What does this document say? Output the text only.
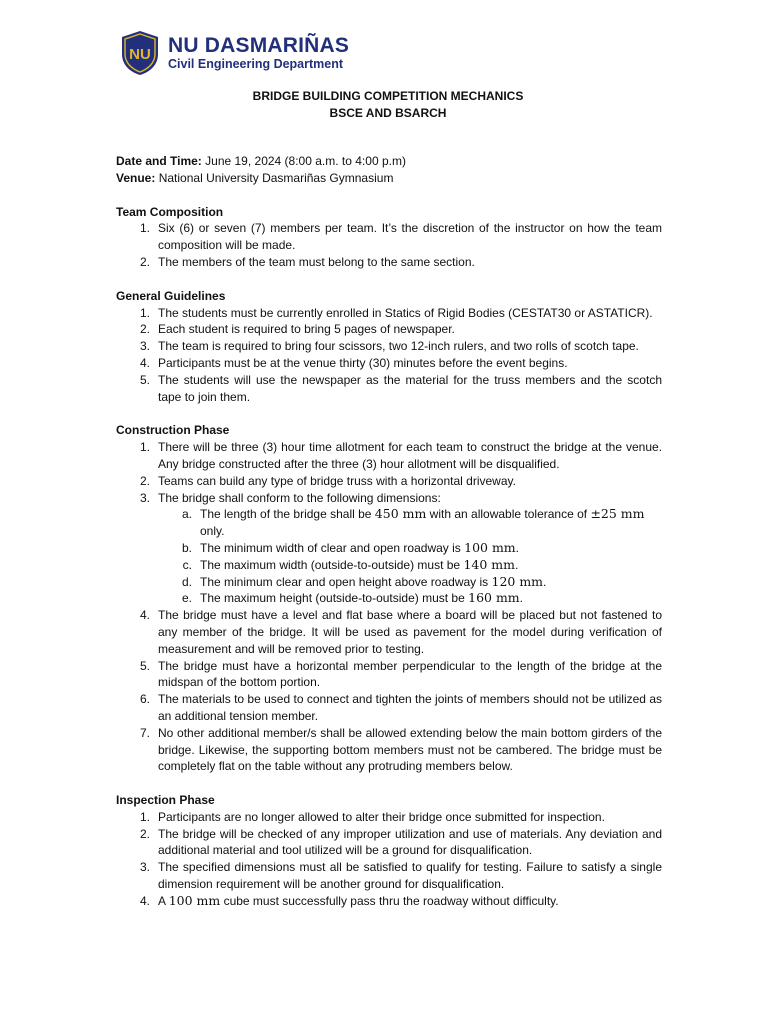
NU NU DASMARIÑAS
Civil Engineering Department
BRIDGE BUILDING COMPETITION MECHANICS
BSCE AND BSARCH

Date and Time: June 19, 2024 (8:00 a.m. to 4:00 p.m)

Venue: National University Dasmariñas Gymnasium

Team Composition

1. Six (6) or seven (7) members per team. It’s the discretion of the instructor on how the team composition will be made.
2. The members of the team must belong to the same section.

General Guidelines

1. The students must be currently enrolled in Statics of Rigid Bodies (CESTAT30 or ASTATICR).
2. Each student is required to bring 5 pages of newspaper.
3. The team is required to bring four scissors, two 12-inch rulers, and two rolls of scotch tape.
4. Participants must be at the venue thirty (30) minutes before the event begins.
5. The students will use the newspaper as the material for the truss members and the scotch tape to join them.

Construction Phase

1. There will be three (3) hour time allotment for each team to construct the bridge at the venue. Any bridge constructed after the three (3) hour allotment will be disqualified.
2. Teams can build any type of bridge truss with a horizontal driveway.
3. The bridge shall conform to the following dimensions:
a. The length of the bridge shall be 450 mm with an allowable tolerance of ±25 mm only.
b. The minimum width of clear and open roadway is 100 mm.
c. The maximum width (outside-to-outside) must be 140 mm.
d. The minimum clear and open height above roadway is 120 mm.
e. The maximum height (outside-to-outside) must be 160 mm.
4. The bridge must have a level and flat base where a board will be placed but not fastened to any member of the bridge. It will be used as pavement for the model during verification of measurement and will be removed prior to testing.
5. The bridge must have a horizontal member perpendicular to the length of the bridge at the midspan of the bottom portion.
6. The materials to be used to connect and tighten the joints of members should not be utilized as an additional tension member.
7. No other additional member/s shall be allowed extending below the main bottom girders of the bridge. Likewise, the supporting bottom members must not be cambered. The bridge must be completely flat on the table without any protruding members below.

Inspection Phase

1. Participants are no longer allowed to alter their bridge once submitted for inspection.
2. The bridge will be checked of any improper utilization and use of materials. Any deviation and additional material and tool utilized will be a ground for disqualification.
3. The specified dimensions must all be satisfied to qualify for testing. Failure to satisfy a single dimension requirement will be another ground for disqualification.
4. A 100 mm cube must successfully pass thru the roadway without difficulty.
